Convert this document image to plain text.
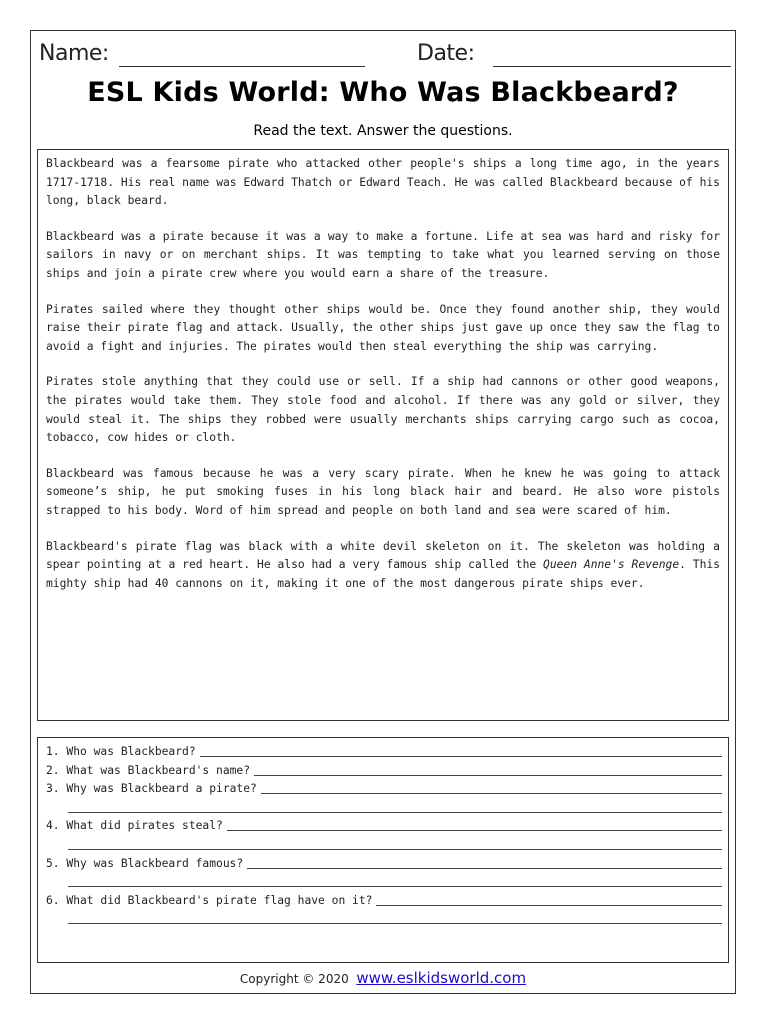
Name:	Date:
ESL Kids World: Who Was Blackbeard?
Read the text. Answer the questions.

Blackbeard was a fearsome pirate who attacked other people's ships a long time ago, in the years 1717-1718. His real name was Edward Thatch or Edward Teach. He was called Blackbeard because of his long, black beard.

Blackbeard was a pirate because it was a way to make a fortune. Life at sea was hard and risky for sailors in navy or on merchant ships. It was tempting to take what you learned serving on those ships and join a pirate crew where you would earn a share of the treasure.

Pirates sailed where they thought other ships would be. Once they found another ship, they would raise their pirate flag and attack. Usually, the other ships just gave up once they saw the flag to avoid a fight and injuries. The pirates would then steal everything the ship was carrying.

Pirates stole anything that they could use or sell. If a ship had cannons or other good weapons, the pirates would take them. They stole food and alcohol. If there was any gold or silver, they would steal it. The ships they robbed were usually merchants ships carrying cargo such as cocoa, tobacco, cow hides or cloth.

Blackbeard was famous because he was a very scary pirate. When he knew he was going to attack someone’s ship, he put smoking fuses in his long black hair and beard. He also wore pistols strapped to his body. Word of him spread and people on both land and sea were scared of him.

Blackbeard's pirate flag was black with a white devil skeleton on it. The skeleton was holding a spear pointing at a red heart. He also had a very famous ship called the Queen Anne's Revenge. This mighty ship had 40 cannons on it, making it one of the most dangerous pirate ships ever.

1. Who was Blackbeard?
2. What was Blackbeard's name?
3. Why was Blackbeard a pirate?
4. What did pirates steal?
5. Why was Blackbeard famous?
6. What did Blackbeard's pirate flag have on it?
Copyright © 2020 www.eslkidsworld.com
